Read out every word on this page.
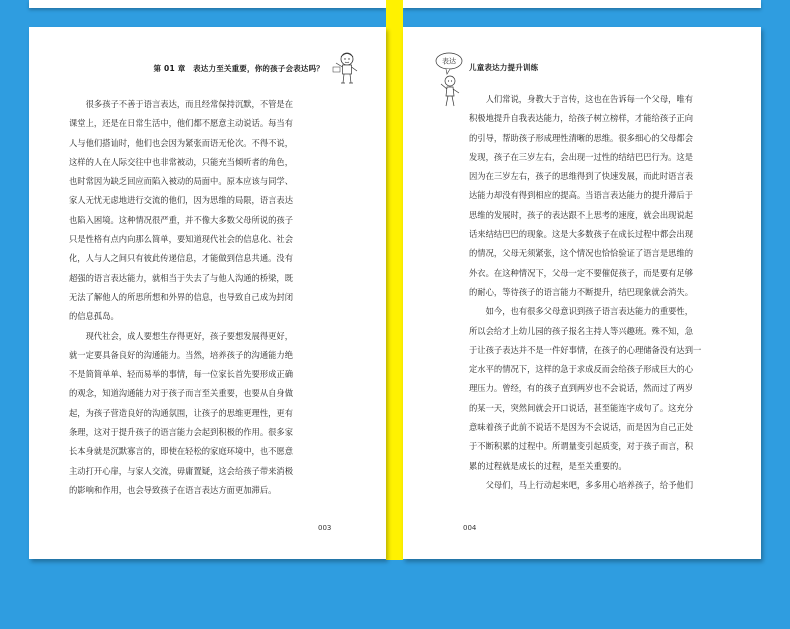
第 01 章　表达力至关重要，你的孩子会表达吗？
　　很多孩子不善于语言表达，而且经常保持沉默，不管是在
课堂上，还是在日常生活中，他们都不愿意主动说话。每当有
人与他们搭讪时，他们也会因为紧张而语无伦次。不得不说，
这样的人在人际交往中也非常被动，只能充当倾听者的角色，
也时常因为缺乏回应而陷入被动的局面中。原本应该与同学、
家人无忧无虑地进行交流的他们，因为思维的局限，语言表达
也陷入困境。这种情况很严重，并不像大多数父母所说的孩子
只是性格有点内向那么简单，要知道现代社会的信息化、社会
化，人与人之间只有彼此传递信息，才能做到信息共通。没有
超强的语言表达能力，就相当于失去了与他人沟通的桥梁，既
无法了解他人的所思所想和外界的信息，也导致自己成为封闭
的信息孤岛。
　　现代社会，成人要想生存得更好，孩子要想发展得更好，
就一定要具备良好的沟通能力。当然，培养孩子的沟通能力绝
不是简简单单、轻而易举的事情，每一位家长首先要形成正确
的观念，知道沟通能力对于孩子而言至关重要，也要从自身做
起，为孩子营造良好的沟通氛围，让孩子的思维更理性，更有
条理，这对于提升孩子的语言能力会起到积极的作用。很多家
长本身就是沉默寡言的，即使在轻松的家庭环境中，也不愿意
主动打开心扉，与家人交流，毋庸置疑，这会给孩子带来消极
的影响和作用，也会导致孩子在语言表达方面更加滞后。
003
表达
儿童表达力提升训练
　　人们常说，身教大于言传，这也在告诉每一个父母，唯有
积极地提升自我表达能力，给孩子树立榜样，才能给孩子正向
的引导，帮助孩子形成理性清晰的思维。很多细心的父母都会
发现，孩子在三岁左右，会出现一过性的结结巴巴行为。这是
因为在三岁左右，孩子的思维得到了快速发展，而此时语言表
达能力却没有得到相应的提高。当语言表达能力的提升滞后于
思维的发展时，孩子的表达跟不上思考的速度，就会出现说起
话来结结巴巴的现象。这是大多数孩子在成长过程中都会出现
的情况，父母无须紧张，这个情况也恰恰验证了语言是思维的
外衣。在这种情况下，父母一定不要催促孩子，而是要有足够
的耐心，等待孩子的语言能力不断提升，结巴现象就会消失。
　　如今，也有很多父母意识到孩子语言表达能力的重要性，
所以会给才上幼儿园的孩子报名主持人等兴趣班。殊不知，急
于让孩子表达并不是一件好事情，在孩子的心理储备没有达到一
定水平的情况下，这样的急于求成反而会给孩子形成巨大的心
理压力。曾经，有的孩子直到两岁也不会说话，然而过了两岁
的某一天，突然间就会开口说话，甚至能连字成句了。这充分
意味着孩子此前不说话不是因为不会说话，而是因为自己正处
于不断积累的过程中。所谓量变引起质变，对于孩子而言，积
累的过程就是成长的过程，是至关重要的。
　　父母们，马上行动起来吧，多多用心培养孩子，给予他们
004
